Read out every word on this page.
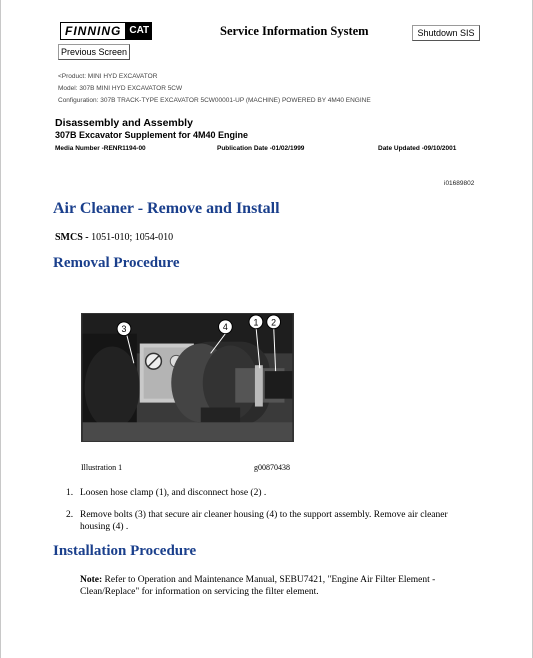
FINNING CAT	Service Information System	Shutdown SIS
Previous Screen
<Product: MINI HYD EXCAVATOR
Model: 307B MINI HYD EXCAVATOR 5CW
Configuration: 307B TRACK-TYPE EXCAVATOR 5CW00001-UP (MACHINE) POWERED BY 4M40 ENGINE
Disassembly and Assembly
307B Excavator Supplement for 4M40 Engine
Media Number -RENR1194-00	Publication Date -01/02/1999	Date Updated -09/10/2001
i01689802
Air Cleaner - Remove and Install
SMCS - 1051-010; 1054-010
Removal Procedure
3	4	1 2
Illustration 1	g00870438
1. Loosen hose clamp (1), and disconnect hose (2) .
2. Remove bolts (3) that secure air cleaner housing (4) to the support assembly. Remove air cleaner housing (4) .
Installation Procedure
Note: Refer to Operation and Maintenance Manual, SEBU7421, "Engine Air Filter Element - Clean/Replace" for information on servicing the filter element.
